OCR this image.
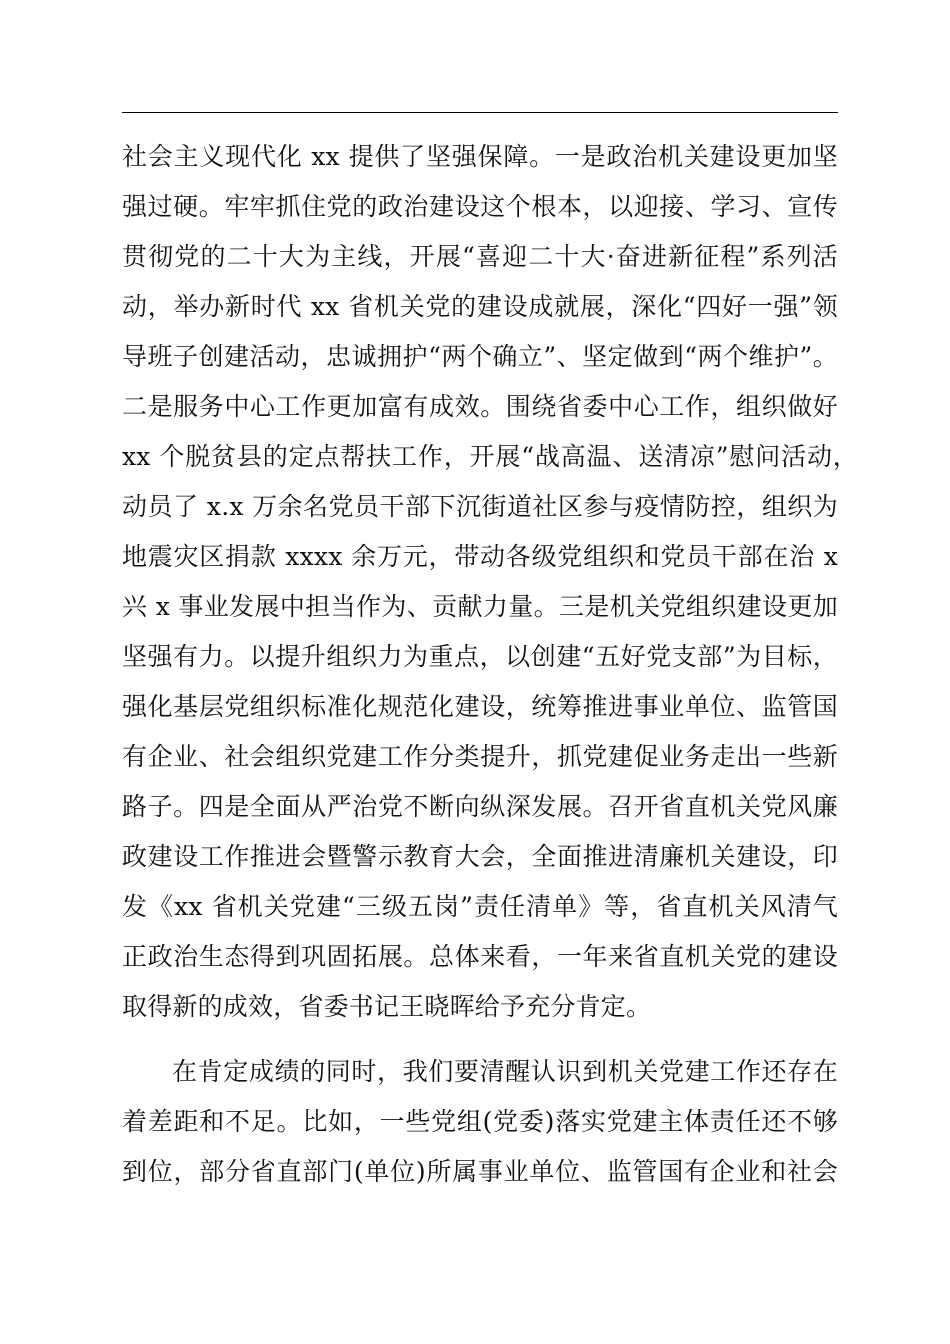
社会主义现代化 xx 提供了坚强保障。一是政治机关建设更加坚
强过硬。牢牢抓住党的政治建设这个根本，以迎接、学习、宣传
贯彻党的二十大为主线，开展“喜迎二十大·奋进新征程”系列活
动，举办新时代 xx 省机关党的建设成就展，深化“四好一强”领
导班子创建活动，忠诚拥护“两个确立”、坚定做到“两个维护”。
二是服务中心工作更加富有成效。围绕省委中心工作，组织做好
xx 个脱贫县的定点帮扶工作，开展“战高温、送清凉”慰问活动，
动员了 x.x 万余名党员干部下沉街道社区参与疫情防控，组织为
地震灾区捐款 xxxx 余万元，带动各级党组织和党员干部在治 x
兴 x 事业发展中担当作为、贡献力量。三是机关党组织建设更加
坚强有力。以提升组织力为重点，以创建“五好党支部”为目标，
强化基层党组织标准化规范化建设，统筹推进事业单位、监管国
有企业、社会组织党建工作分类提升，抓党建促业务走出一些新
路子。四是全面从严治党不断向纵深发展。召开省直机关党风廉
政建设工作推进会暨警示教育大会，全面推进清廉机关建设，印
发《xx 省机关党建“三级五岗”责任清单》等，省直机关风清气
正政治生态得到巩固拓展。总体来看，一年来省直机关党的建设
取得新的成效，省委书记王晓晖给予充分肯定。
在肯定成绩的同时，我们要清醒认识到机关党建工作还存在
着差距和不足。比如，一些党组(党委)落实党建主体责任还不够
到位，部分省直部门(单位)所属事业单位、监管国有企业和社会
